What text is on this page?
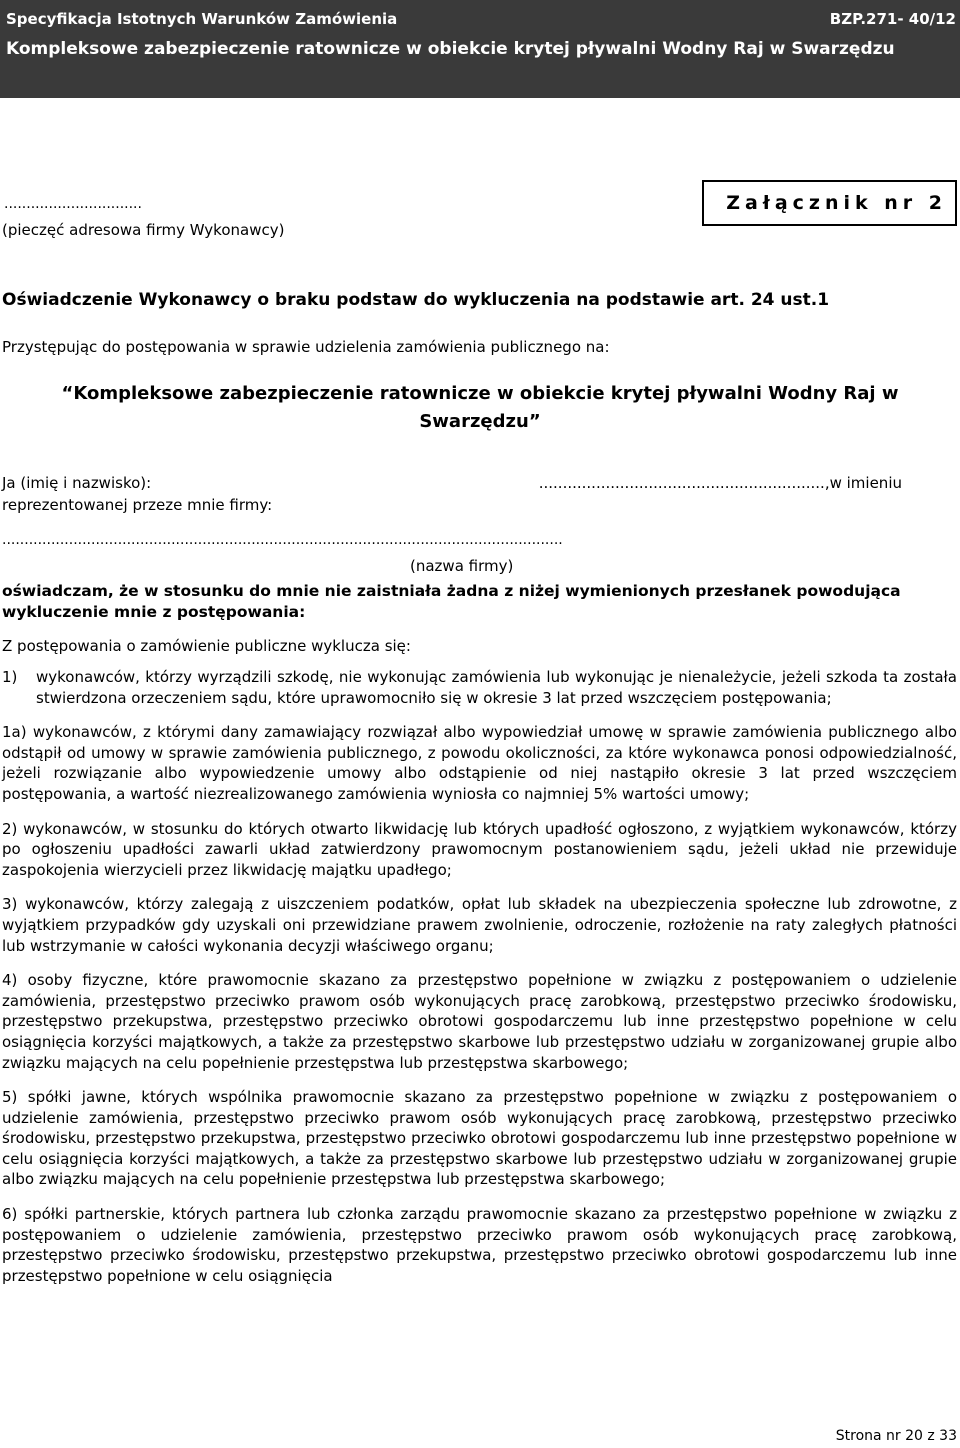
Specyfikacja Istotnych Warunków Zamówienia	BZP.271- 40/12
Kompleksowe zabezpieczenie ratownicze w obiekcie krytej pływalni Wodny Raj w Swarzędzu
...............................
(pieczęć adresowa firmy Wykonawcy)
Załącznik nr 2
Oświadczenie Wykonawcy o braku podstaw do wykluczenia na podstawie art. 24 ust.1
Przystępując do postępowania w sprawie udzielenia zamówienia publicznego na:
“Kompleksowe zabezpieczenie ratownicze w obiekcie krytej pływalni Wodny Raj w Swarzędzu”
Ja (imię i nazwisko):	............................................................,w imieniu
reprezentowanej przeze mnie firmy:
..............................................................................................................................
(nazwa firmy)
oświadczam, że w stosunku do mnie nie zaistniała żadna z niżej wymienionych przesłanek powodująca wykluczenie mnie z postępowania:
Z postępowania o zamówienie publiczne wyklucza się:
1)	wykonawców, którzy wyrządzili szkodę, nie wykonując zamówienia lub wykonując je nienależycie, jeżeli szkoda ta została stwierdzona orzeczeniem sądu, które uprawomocniło się w okresie 3 lat przed wszczęciem postępowania;
1a) wykonawców, z którymi dany zamawiający rozwiązał albo wypowiedział umowę w sprawie zamówienia publicznego albo odstąpił od umowy w sprawie zamówienia publicznego, z powodu okoliczności, za które wykonawca ponosi odpowiedzialność, jeżeli rozwiązanie albo wypowiedzenie umowy albo odstąpienie od niej nastąpiło okresie 3 lat przed wszczęciem postępowania, a wartość niezrealizowanego zamówienia wyniosła co najmniej 5% wartości umowy;
2) wykonawców, w stosunku do których otwarto likwidację lub których upadłość ogłoszono, z wyjątkiem wykonawców, którzy po ogłoszeniu upadłości zawarli układ zatwierdzony prawomocnym postanowieniem sądu, jeżeli układ nie przewiduje zaspokojenia wierzycieli przez likwidację majątku upadłego;
3) wykonawców, którzy zalegają z uiszczeniem podatków, opłat lub składek na ubezpieczenia społeczne lub zdrowotne, z wyjątkiem przypadków gdy uzyskali oni przewidziane prawem zwolnienie, odroczenie, rozłożenie na raty zaległych płatności lub wstrzymanie w całości wykonania decyzji właściwego organu;
4) osoby fizyczne, które prawomocnie skazano za przestępstwo popełnione w związku z postępowaniem o udzielenie zamówienia, przestępstwo przeciwko prawom osób wykonujących pracę zarobkową, przestępstwo przeciwko środowisku, przestępstwo przekupstwa, przestępstwo przeciwko obrotowi gospodarczemu lub inne przestępstwo popełnione w celu osiągnięcia korzyści majątkowych, a także za przestępstwo skarbowe lub przestępstwo udziału w zorganizowanej grupie albo związku mających na celu popełnienie przestępstwa lub przestępstwa skarbowego;
5) spółki jawne, których wspólnika prawomocnie skazano za przestępstwo popełnione w związku z postępowaniem o udzielenie zamówienia, przestępstwo przeciwko prawom osób wykonujących pracę zarobkową, przestępstwo przeciwko środowisku, przestępstwo przekupstwa, przestępstwo przeciwko obrotowi gospodarczemu lub inne przestępstwo popełnione w celu osiągnięcia korzyści majątkowych, a także za przestępstwo skarbowe lub przestępstwo udziału w zorganizowanej grupie albo związku mających na celu popełnienie przestępstwa lub przestępstwa skarbowego;
6) spółki partnerskie, których partnera lub członka zarządu prawomocnie skazano za przestępstwo popełnione w związku z postępowaniem o udzielenie zamówienia, przestępstwo przeciwko prawom osób wykonujących pracę zarobkową, przestępstwo przeciwko środowisku, przestępstwo przekupstwa, przestępstwo przeciwko obrotowi gospodarczemu lub inne przestępstwo popełnione w celu osiągnięcia
Strona nr 20 z 33
